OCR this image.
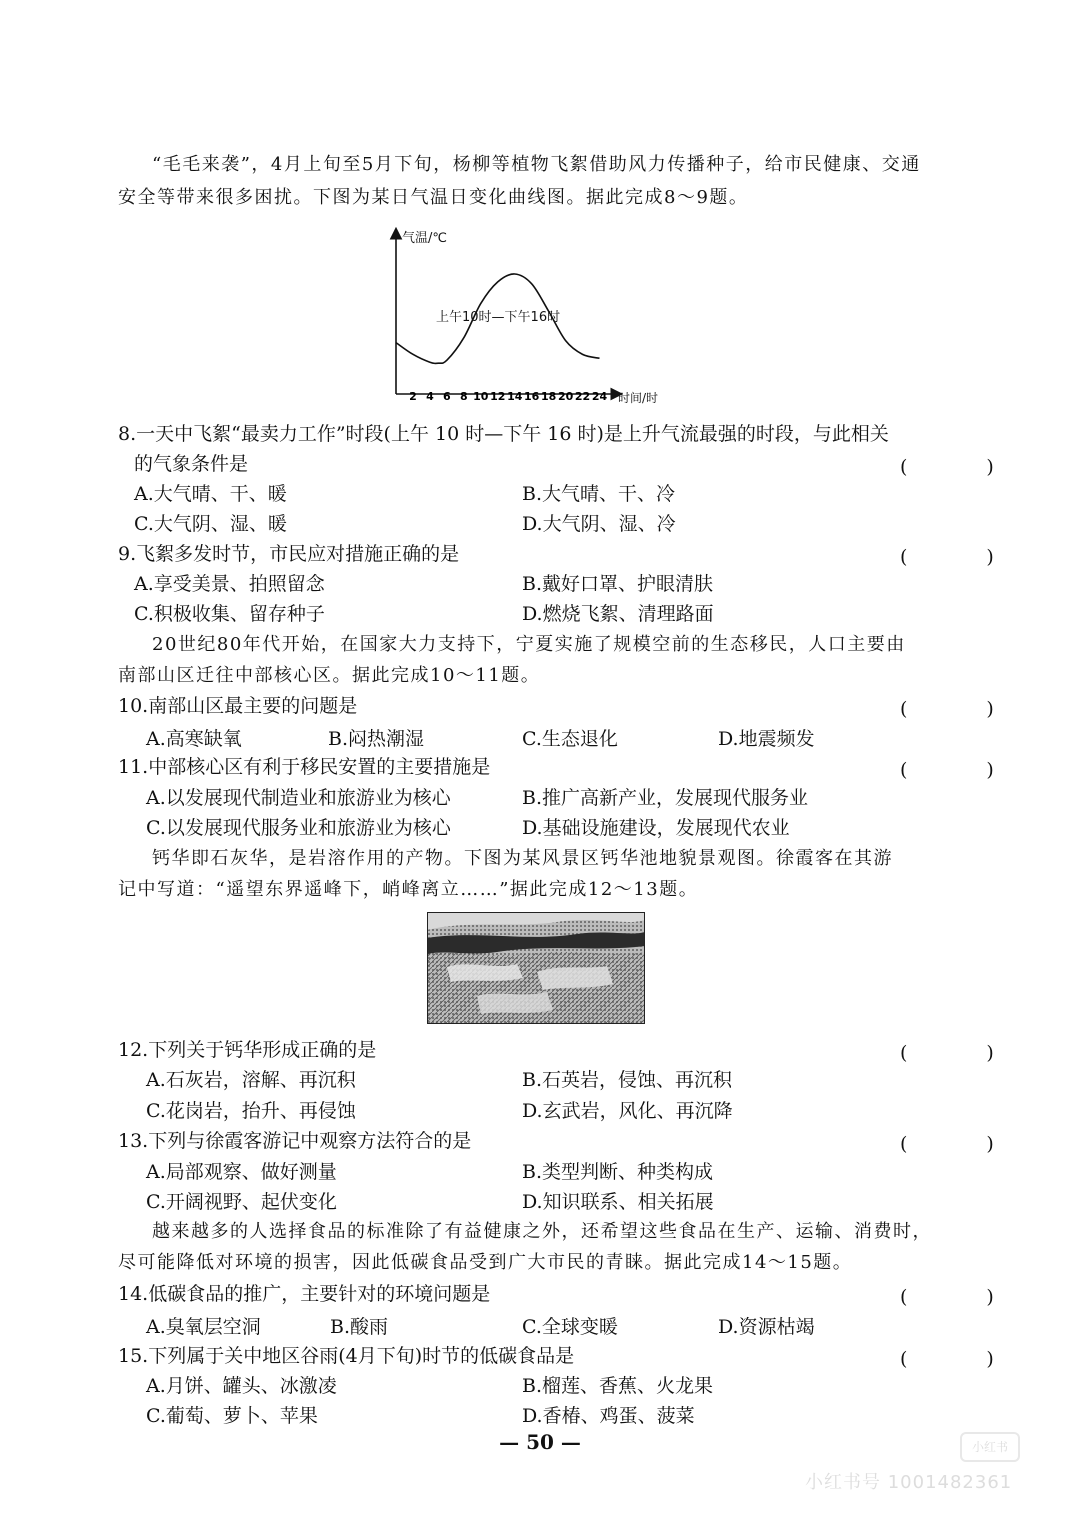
“毛毛来袭”，4月上旬至5月下旬，杨柳等植物飞絮借助风力传播种子，给市民健康、交通
安全等带来很多困扰。下图为某日气温日变化曲线图。据此完成8～9题。
气温/℃
时间/时
上午10时—下午16时
2 4 6 8 10 12 14 16 18 20 22 24
8.一天中飞絮“最卖力工作”时段(上午 10 时—下午 16 时)是上升气流最强的时段，与此相关
的气象条件是	(　)
A.大气晴、干、暖	B.大气晴、干、冷
C.大气阴、湿、暖	D.大气阴、湿、冷
9.飞絮多发时节，市民应对措施正确的是	(　)
A.享受美景、拍照留念	B.戴好口罩、护眼清肤
C.积极收集、留存种子	D.燃烧飞絮、清理路面
20世纪80年代开始，在国家大力支持下，宁夏实施了规模空前的生态移民，人口主要由
南部山区迁往中部核心区。据此完成10～11题。
10.南部山区最主要的问题是	(　)
A.高寒缺氧	B.闷热潮湿	C.生态退化	D.地震频发
11.中部核心区有利于移民安置的主要措施是	(　)
A.以发展现代制造业和旅游业为核心	B.推广高新产业，发展现代服务业
C.以发展现代服务业和旅游业为核心	D.基础设施建设，发展现代农业
钙华即石灰华，是岩溶作用的产物。下图为某风景区钙华池地貌景观图。徐霞客在其游
记中写道：“遥望东界遥峰下，峭峰离立……”据此完成12～13题。
12.下列关于钙华形成正确的是	(　)
A.石灰岩，溶解、再沉积	B.石英岩，侵蚀、再沉积
C.花岗岩，抬升、再侵蚀	D.玄武岩，风化、再沉降
13.下列与徐霞客游记中观察方法符合的是	(　)
A.局部观察、做好测量	B.类型判断、种类构成
C.开阔视野、起伏变化	D.知识联系、相关拓展
越来越多的人选择食品的标准除了有益健康之外，还希望这些食品在生产、运输、消费时，
尽可能降低对环境的损害，因此低碳食品受到广大市民的青睐。据此完成14～15题。
14.低碳食品的推广，主要针对的环境问题是	(　)
A.臭氧层空洞	B.酸雨	C.全球变暖	D.资源枯竭
15.下列属于关中地区谷雨(4月下旬)时节的低碳食品是	(　)
A.月饼、罐头、冰激凌	B.榴莲、香蕉、火龙果
C.葡萄、萝卜、苹果	D.香椿、鸡蛋、菠菜
— 50 —	小红书
小红书号 1001482361
